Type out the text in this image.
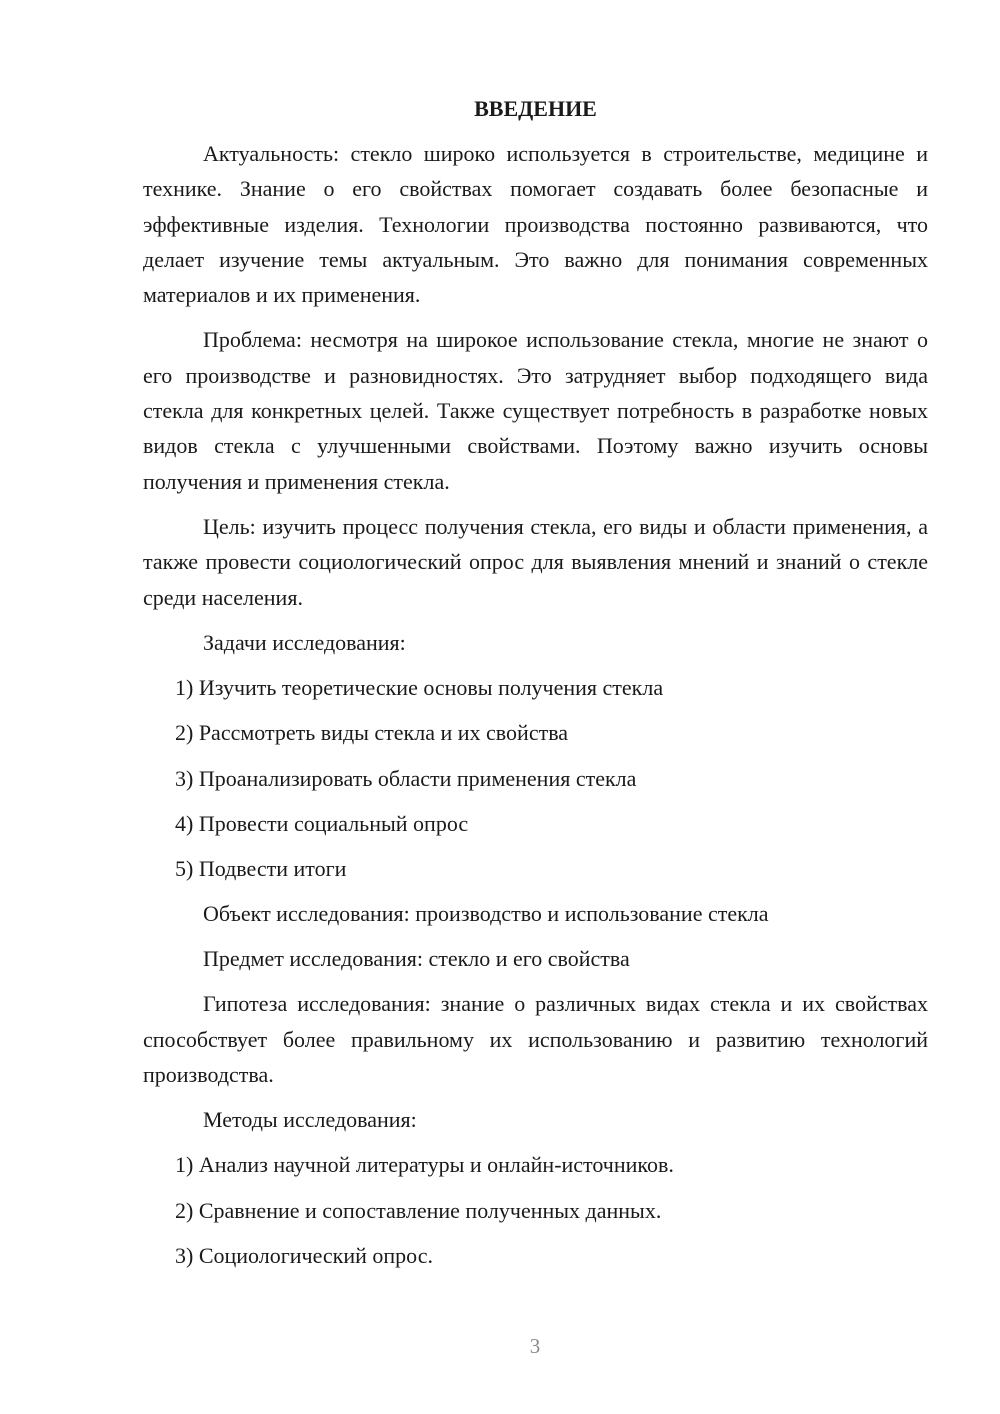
ВВЕДЕНИЕ

Актуальность: стекло широко используется в строительстве, медицине и технике. Знание о его свойствах помогает создавать более безопасные и эффективные изделия. Технологии производства постоянно развиваются, что делает изучение темы актуальным. Это важно для понимания современных материалов и их применения.

Проблема: несмотря на широкое использование стекла, многие не знают о его производстве и разновидностях. Это затрудняет выбор подходящего вида стекла для конкретных целей. Также существует потребность в разработке новых видов стекла с улучшенными свойствами. Поэтому важно изучить основы получения и применения стекла.

Цель: изучить процесс получения стекла, его виды и области применения, а также провести социологический опрос для выявления мнений и знаний о стекле среди населения.

Задачи исследования:

1) Изучить теоретические основы получения стекла

2) Рассмотреть виды стекла и их свойства

3) Проанализировать области применения стекла

4) Провести социальный опрос

5) Подвести итоги

Объект исследования: производство и использование стекла

Предмет исследования: стекло и его свойства

Гипотеза исследования: знание о различных видах стекла и их свойствах способствует более правильному их использованию и развитию технологий производства.

Методы исследования:

1) Анализ научной литературы и онлайн-источников.

2) Сравнение и сопоставление полученных данных.

3) Социологический опрос.

3
